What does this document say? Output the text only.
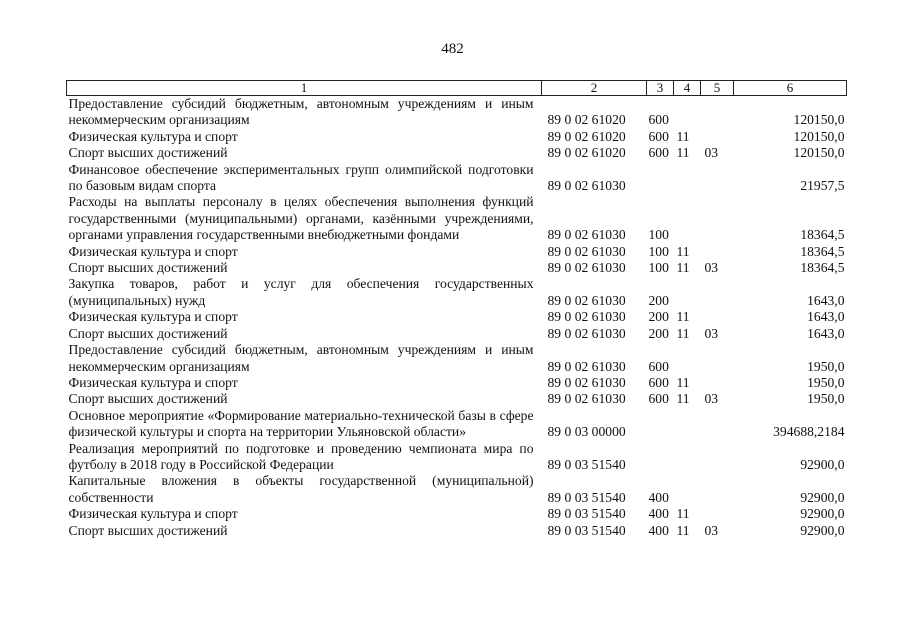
482
1	2	3	4	5	6
Предоставление субсидий бюджетным, автономным учреждениям и иным некоммерческим организациям	89 0 02 61020	600			120150,0
Физическая культура и спорт	89 0 02 61020	600	11		120150,0
Спорт высших достижений	89 0 02 61020	600	11	03	120150,0
Финансовое обеспечение экспериментальных групп олимпийской подготовки по базовым видам спорта	89 0 02 61030				21957,5
Расходы на выплаты персоналу в целях обеспечения выполнения функций государственными (муниципальными) органами, казёнными учреждениями, органами управления государственными внебюджетными фондами	89 0 02 61030	100			18364,5
Физическая культура и спорт	89 0 02 61030	100	11		18364,5
Спорт высших достижений	89 0 02 61030	100	11	03	18364,5
Закупка товаров, работ и услуг для обеспечения государственных (муниципальных) нужд	89 0 02 61030	200			1643,0
Физическая культура и спорт	89 0 02 61030	200	11		1643,0
Спорт высших достижений	89 0 02 61030	200	11	03	1643,0
Предоставление субсидий бюджетным, автономным учреждениям и иным некоммерческим организациям	89 0 02 61030	600			1950,0
Физическая культура и спорт	89 0 02 61030	600	11		1950,0
Спорт высших достижений	89 0 02 61030	600	11	03	1950,0
Основное мероприятие «Формирование материально-технической базы в сфере физической культуры и спорта на территории Ульяновской области»	89 0 03 00000				394688,2184
Реализация мероприятий по подготовке и проведению чемпионата мира по футболу в 2018 году в Российской Федерации	89 0 03 51540				92900,0
Капитальные вложения в объекты государственной (муниципальной) собственности	89 0 03 51540	400			92900,0
Физическая культура и спорт	89 0 03 51540	400	11		92900,0
Спорт высших достижений	89 0 03 51540	400	11	03	92900,0
